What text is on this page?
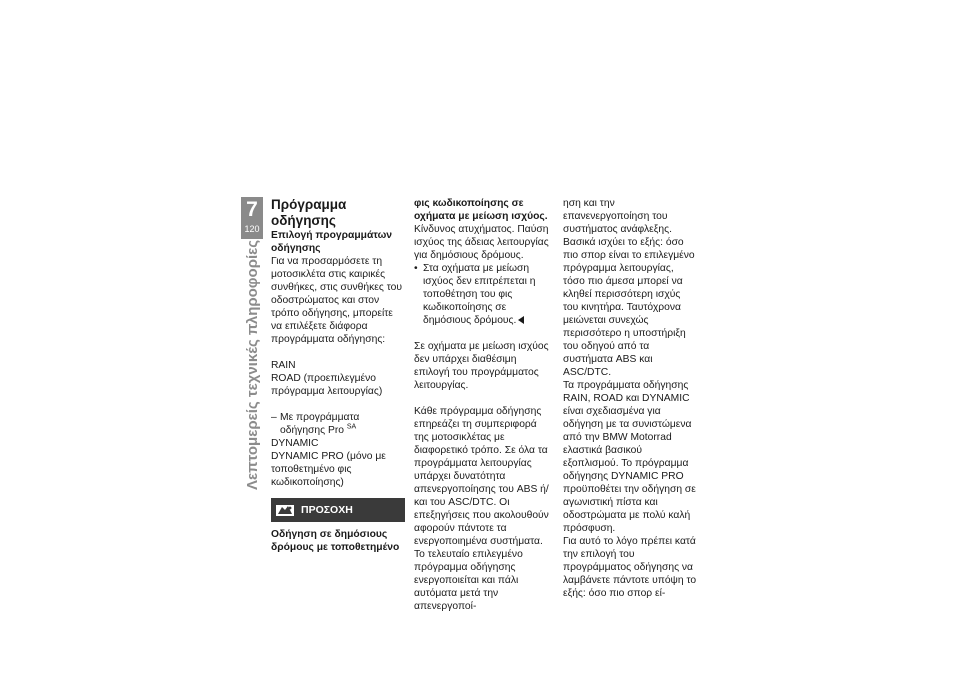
7
120
Λεπτομερείς τεχνικές πληροφορίες

Πρόγραμμα οδήγησης

Επιλογή προγραμμάτων οδήγησης

Για να προσαρμόσετε τη μοτοσικλέτα στις καιρικές συνθήκες, στις συνθήκες του οδοστρώματος και στον τρόπο οδήγησης, μπορείτε να επιλέξετε διάφορα προγράμματα οδήγησης:

RAIN

ROAD (προεπιλεγμένο πρόγραμμα λειτουργίας)

– Με προγράμματα οδήγησης Pro $^{SA}$

DYNAMIC

DYNAMIC PRO (μόνο με τοποθετημένο φις κωδικοποίησης)

ΠΡΟΣΟΧΗ

Οδήγηση σε δημόσιους δρόμους με τοποθετημένο

φις κωδικοποίησης σε οχήματα με μείωση ισχύος.

Κίνδυνος ατυχήματος. Παύση ισχύος της άδειας λειτουργίας για δημόσιους δρόμους.

• Στα οχήματα με μείωση ισχύος δεν επιτρέπεται η τοποθέτηση του φις κωδικοποίησης σε δημόσιους δρόμους.

Σε οχήματα με μείωση ισχύος δεν υπάρχει διαθέσιμη επιλογή του προγράμματος λειτουργίας.

Κάθε πρόγραμμα οδήγησης επηρεάζει τη συμπεριφορά της μοτοσικλέτας με διαφορετικό τρόπο. Σε όλα τα προγράμματα λειτουργίας υπάρχει δυνατότητα απενεργοποίησης του ABS ή/και του ASC/DTC. Οι επεξηγήσεις που ακολουθούν αφορούν πάντοτε τα ενεργοποιημένα συστήματα. Το τελευταίο επιλεγμένο πρόγραμμα οδήγησης ενεργοποιείται και πάλι αυτόματα μετά την απενεργοποί-

ηση και την επανενεργοποίηση του συστήματος ανάφλεξης.

Βασικά ισχύει το εξής: όσο πιο σπορ είναι το επιλεγμένο πρόγραμμα λειτουργίας, τόσο πιο άμεσα μπορεί να κληθεί περισσότερη ισχύς του κινητήρα. Ταυτόχρονα μειώνεται συνεχώς περισσότερο η υποστήριξη του οδηγού από τα συστήματα ABS και ASC/DTC.

Τα προγράμματα οδήγησης RAIN, ROAD και DYNAMIC είναι σχεδιασμένα για οδήγηση με τα συνιστώμενα από την BMW Motorrad ελαστικά βασικού εξοπλισμού. Το πρόγραμμα οδήγησης DYNAMIC PRO προϋποθέτει την οδήγηση σε αγωνιστική πίστα και οδοστρώματα με πολύ καλή πρόσφυση.

Για αυτό το λόγο πρέπει κατά την επιλογή του προγράμματος οδήγησης να λαμβάνετε πάντοτε υπόψη το εξής: όσο πιο σπορ εί-
